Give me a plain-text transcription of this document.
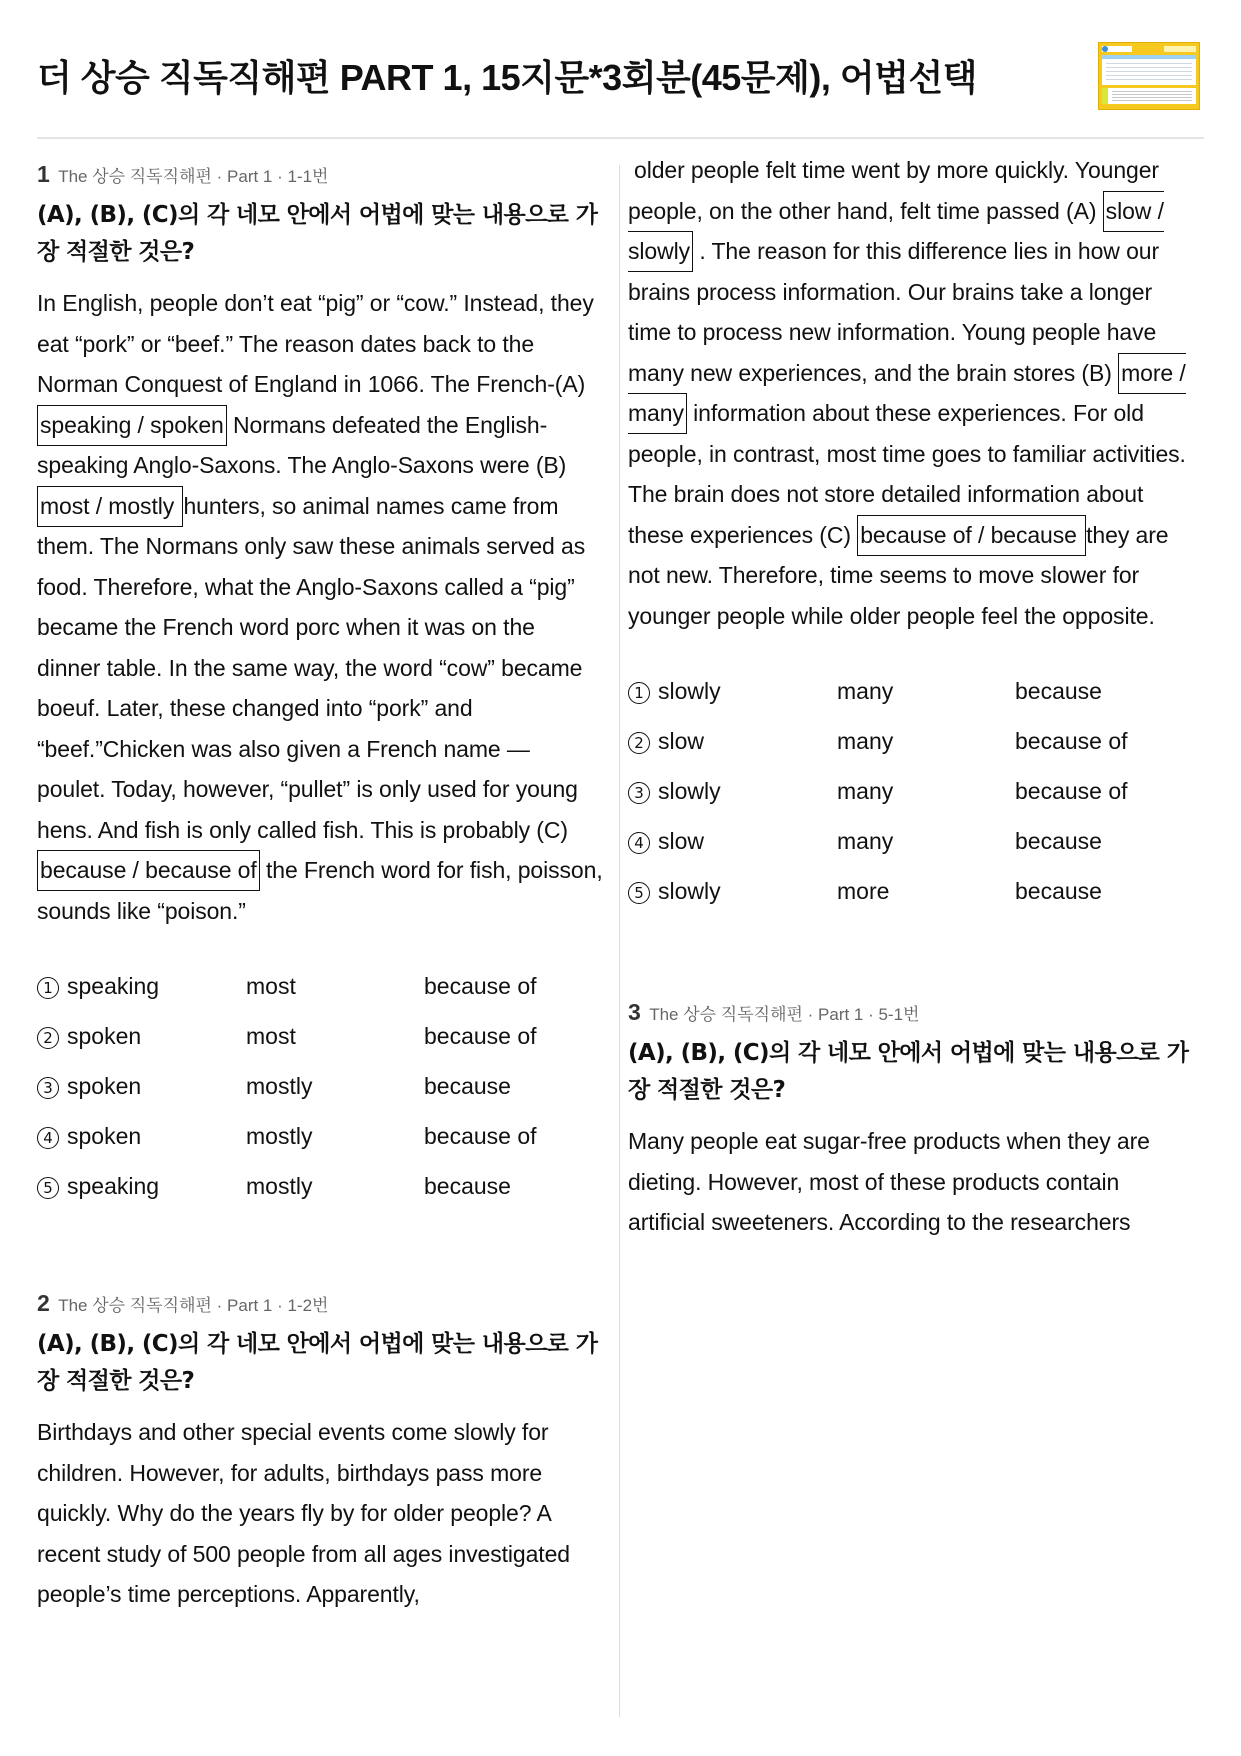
더 상승 직독직해편 PART 1, 15지문*3회분(45문제), 어법선택
1 The 상승 직독직해편 · Part 1 · 1-1번
(A), (B), (C)의 각 네모 안에서 어법에 맞는 내용으로 가장 적절한 것은?
In English, people don’t eat “pig” or “cow.” Instead, they eat “pork” or “beef.” The reason dates back to the Norman Conquest of England in 1066. The French-(A) speaking / spoken Normans defeated the English-speaking Anglo-Saxons. The Anglo-Saxons were (B) most / mostly hunters, so animal names came from them. The Normans only saw these animals served as food. Therefore, what the Anglo-Saxons called a “pig” became the French word porc when it was on the dinner table. In the same way, the word “cow” became boeuf. Later, these changed into “pork” and “beef.”Chicken was also given a French name — poulet. Today, however, “pullet” is only used for young hens. And fish is only called fish. This is probably (C) because / because of the French word for fish, poisson, sounds like “poison.”
1 speaking	most	because of
2 spoken	most	because of
3 spoken	mostly	because
4 spoken	mostly	because of
5 speaking	mostly	because
2 The 상승 직독직해편 · Part 1 · 1-2번
(A), (B), (C)의 각 네모 안에서 어법에 맞는 내용으로 가장 적절한 것은?
Birthdays and other special events come slowly for children. However, for adults, birthdays pass more quickly. Why do the years fly by for older people? A recent study of 500 people from all ages investigated people’s time perceptions. Apparently,
older people felt time went by more quickly. Younger people, on the other hand, felt time passed (A) slow / slowly . The reason for this difference lies in how our brains process information. Our brains take a longer time to process new information. Young people have many new experiences, and the brain stores (B) more / many information about these experiences. For old people, in contrast, most time goes to familiar activities. The brain does not store detailed information about these experiences (C) because of / because they are not new. Therefore, time seems to move slower for younger people while older people feel the opposite.
1 slowly	many	because
2 slow	many	because of
3 slowly	many	because of
4 slow	many	because
5 slowly	more	because
3 The 상승 직독직해편 · Part 1 · 5-1번
(A), (B), (C)의 각 네모 안에서 어법에 맞는 내용으로 가장 적절한 것은?
Many people eat sugar-free products when they are dieting. However, most of these products contain artificial sweeteners. According to the researchers
